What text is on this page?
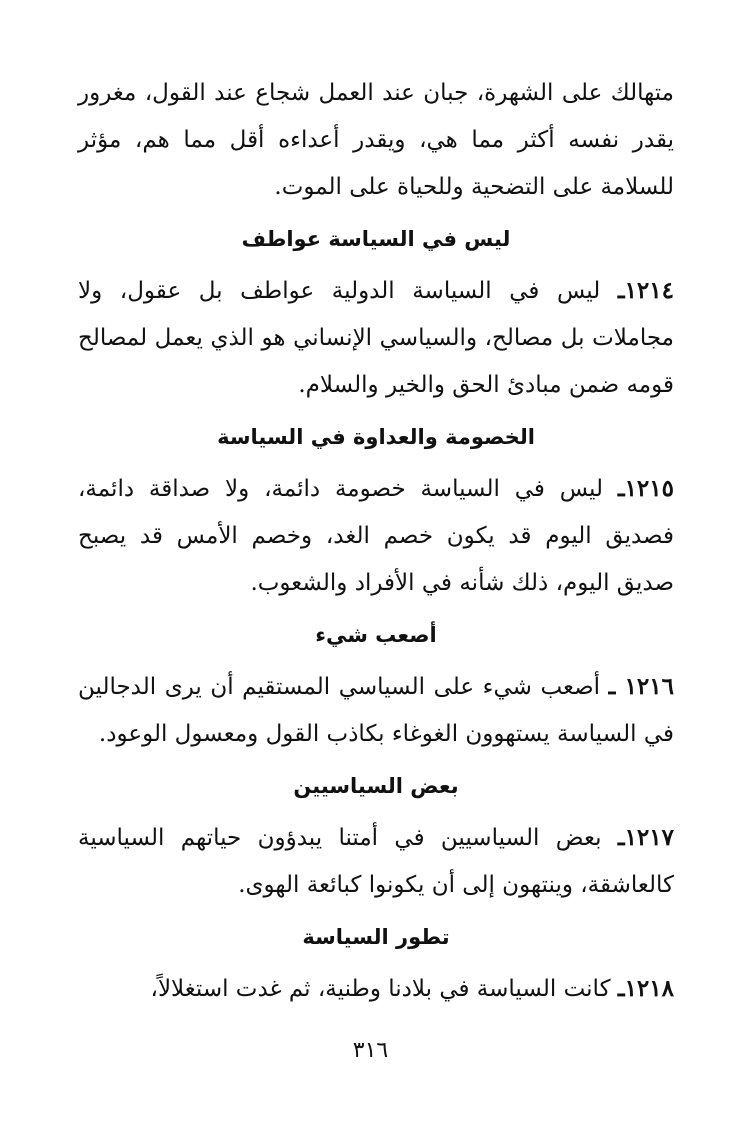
متهالك على الشهرة، جبان عند العمل شجاع عند القول، مغرور يقدر نفسه أكثر مما هي، ويقدر أعداءه أقل مما هم، مؤثر للسلامة على التضحية وللحياة على الموت.

ليس في السياسة عواطف

١٢١٤ـ ليس في السياسة الدولية عواطف بل عقول، ولا مجاملات بل مصالح، والسياسي الإنساني هو الذي يعمل لمصالح قومه ضمن مبادئ الحق والخير والسلام.

الخصومة والعداوة في السياسة

١٢١٥ـ ليس في السياسة خصومة دائمة، ولا صداقة دائمة، فصديق اليوم قد يكون خصم الغد، وخصم الأمس قد يصبح صديق اليوم، ذلك شأنه في الأفراد والشعوب.

أصعب شيء

١٢١٦ ـ أصعب شيء على السياسي المستقيم أن يرى الدجالين في السياسة يستهوون الغوغاء بكاذب القول ومعسول الوعود.

بعض السياسيين

١٢١٧ـ بعض السياسيين في أمتنا يبدؤون حياتهم السياسية كالعاشقة، وينتهون إلى أن يكونوا كبائعة الهوى.

تطور السياسة

١٢١٨ـ كانت السياسة في بلادنا وطنية، ثم غدت استغلالاً،

٣١٦
